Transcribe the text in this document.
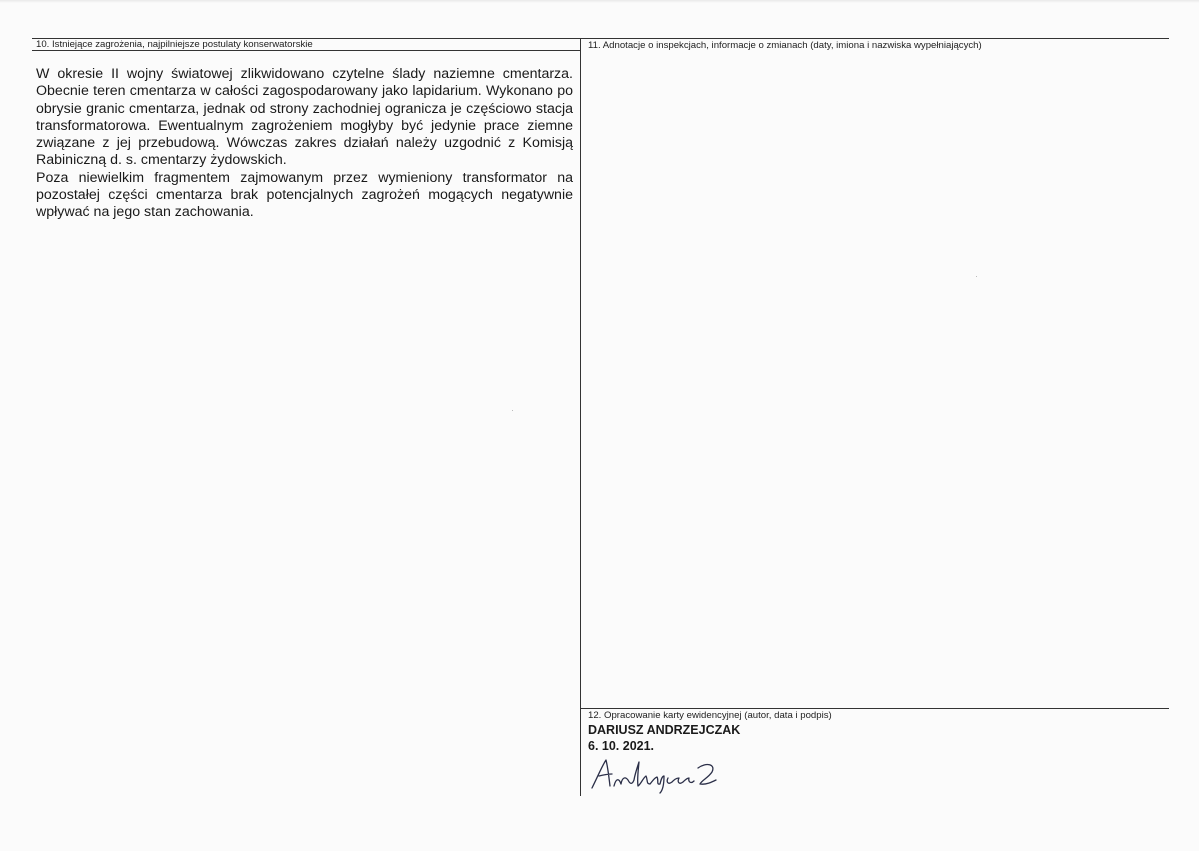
10. Istniejące zagrożenia, najpilniejsze postulaty konserwatorskie

W okresie II wojny światowej zlikwidowano czytelne ślady naziemne cmentarza. Obecnie teren cmentarza w całości zagospodarowany jako lapidarium. Wykonano po obrysie granic cmentarza, jednak od strony zachodniej ogranicza je częściowo stacja transformatorowa. Ewentualnym zagrożeniem mogłyby być jedynie prace ziemne związane z jej przebudową. Wówczas zakres działań należy uzgodnić z Komisją Rabiniczną d. s. cmentarzy żydowskich.

Poza niewielkim fragmentem zajmowanym przez wymieniony transformator na pozostałej części cmentarza brak potencjalnych zagrożeń mogących negatywnie wpływać na jego stan zachowania.

11. Adnotacje o inspekcjach, informacje o zmianach (daty, imiona i nazwiska wypełniających)
12. Opracowanie karty ewidencyjnej (autor, data i podpis)
DARIUSZ ANDRZEJCZAK
6. 10. 2021.
